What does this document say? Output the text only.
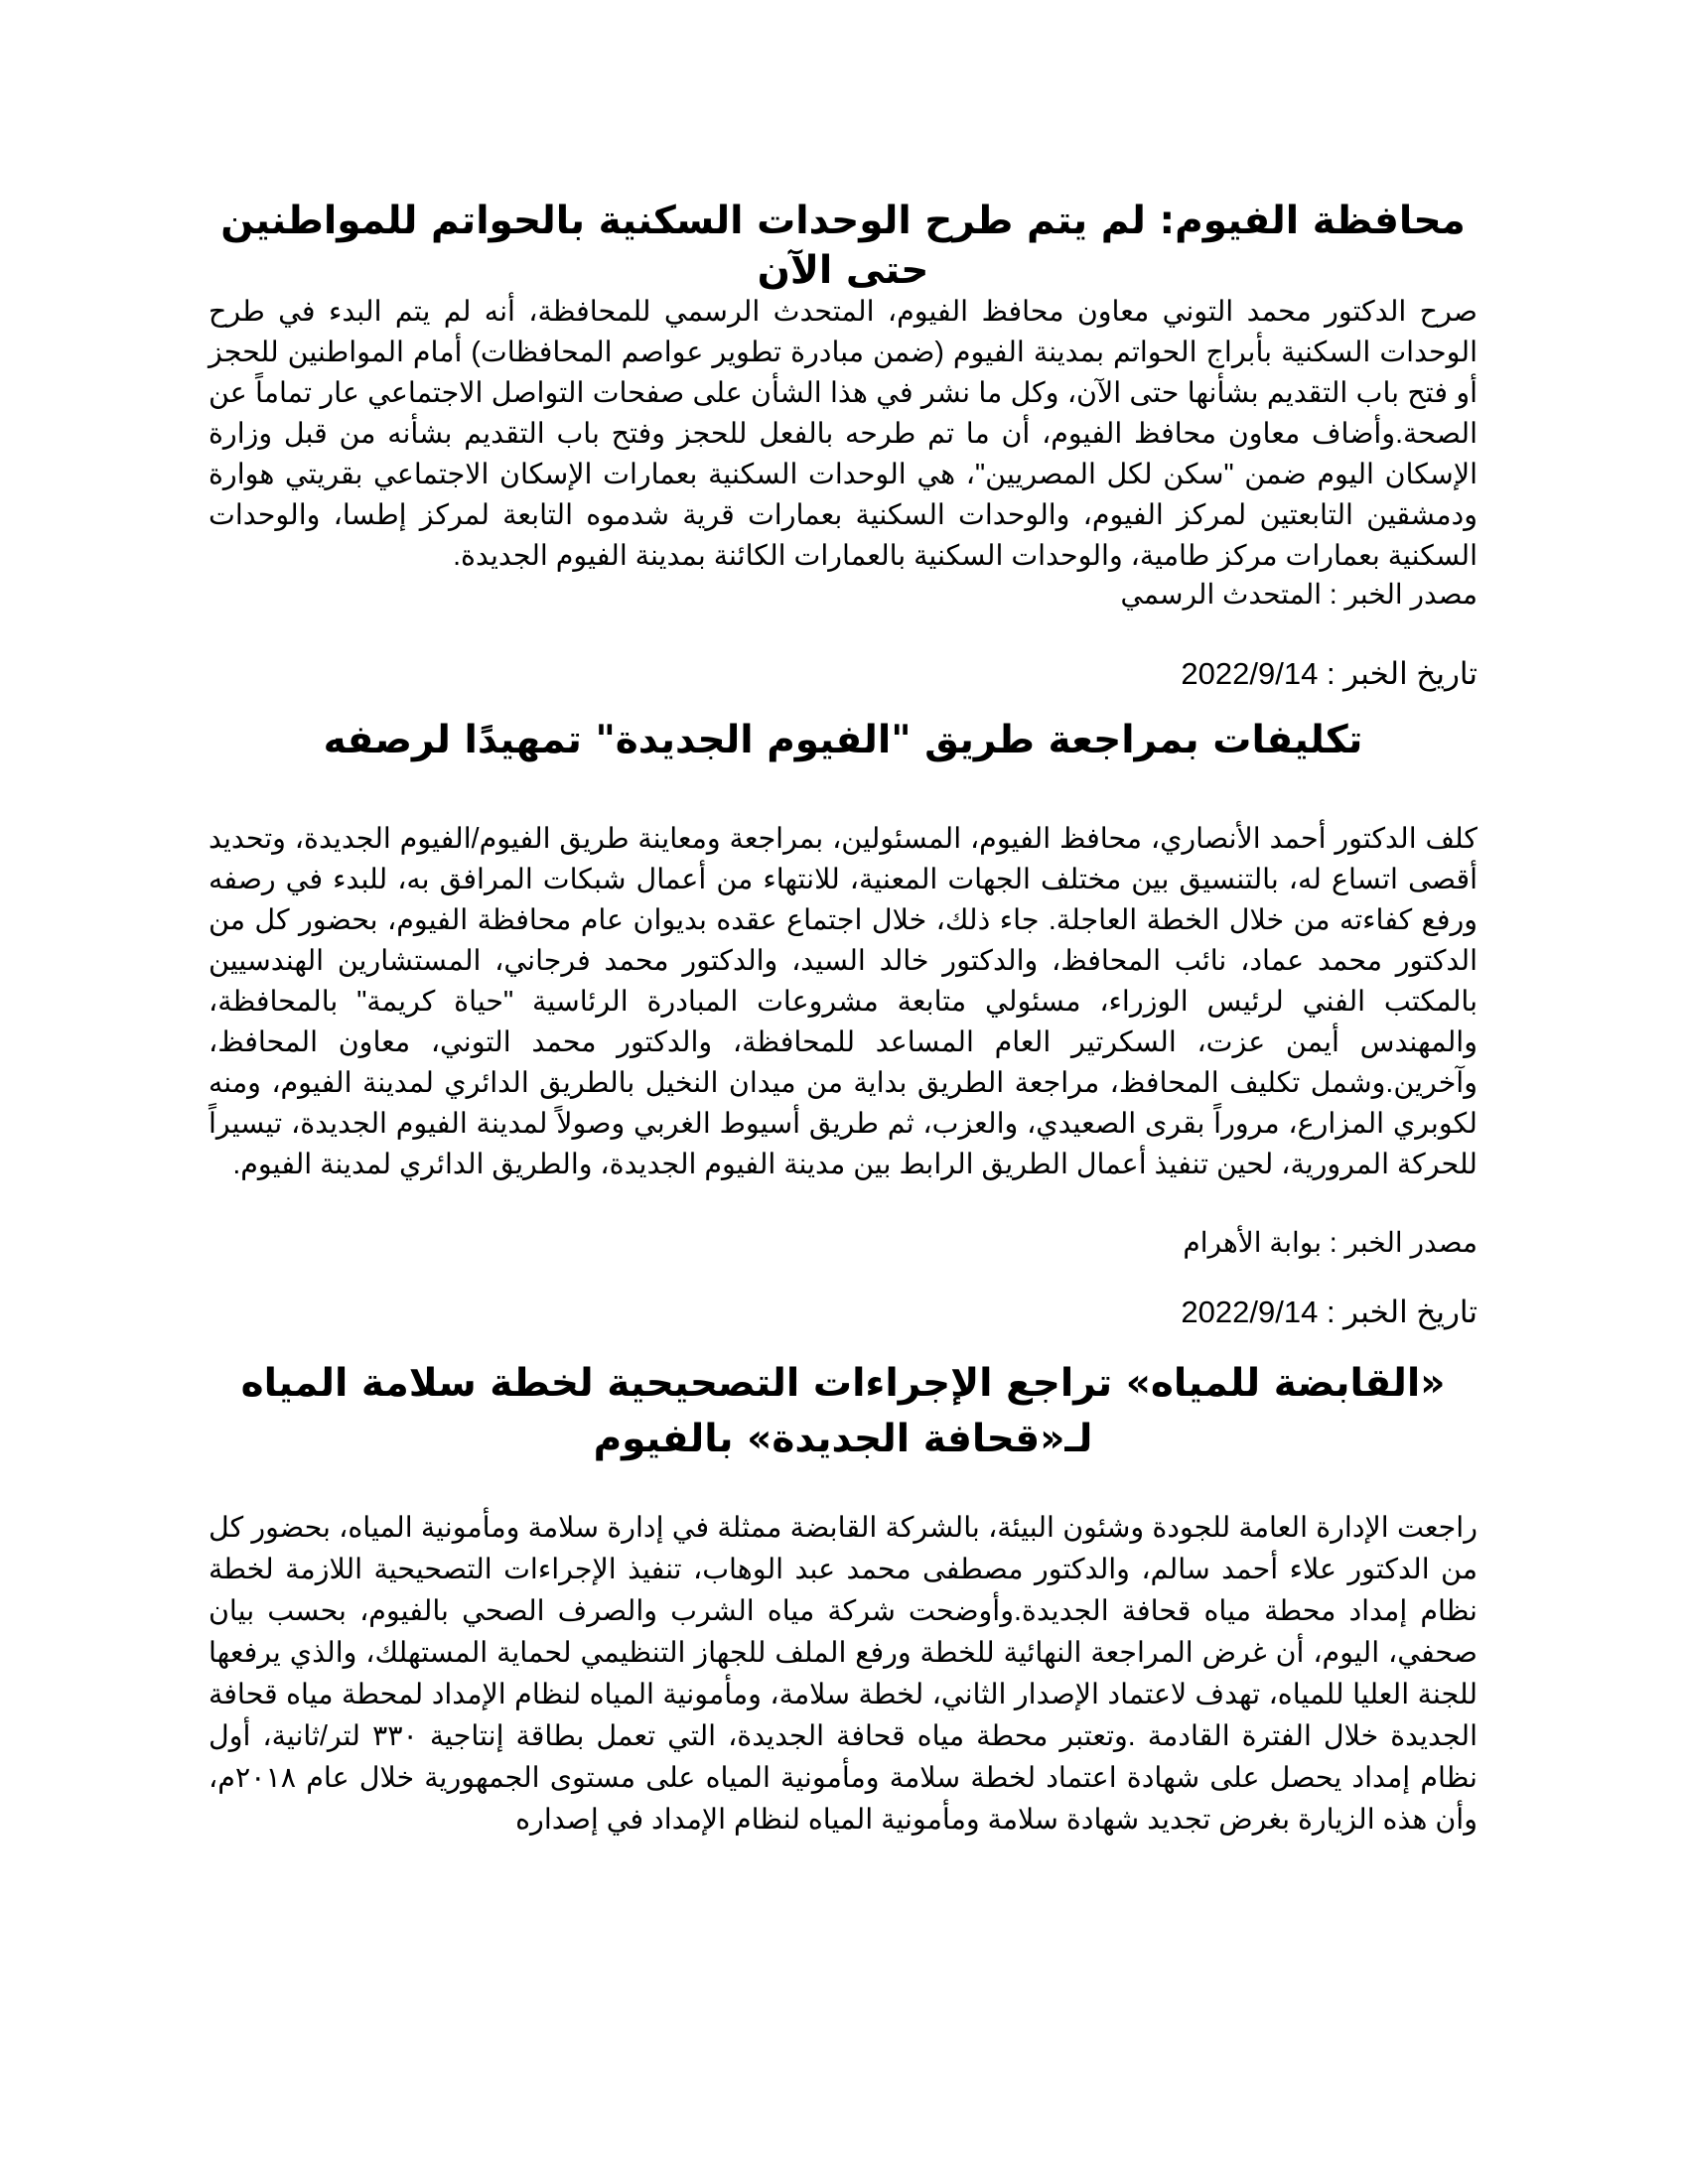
محافظة الفيوم: لم يتم طرح الوحدات السكنية بالحواتم للمواطنين حتى الآن

صرح الدكتور محمد التوني معاون محافظ الفيوم، المتحدث الرسمي للمحافظة، أنه لم يتم البدء في طرح الوحدات السكنية بأبراج الحواتم بمدينة الفيوم (ضمن مبادرة تطوير عواصم المحافظات) أمام المواطنين للحجز أو فتح باب التقديم بشأنها حتى الآن، وكل ما نشر في هذا الشأن على صفحات التواصل الاجتماعي عار تماماً عن الصحة.وأضاف معاون محافظ الفيوم، أن ما تم طرحه بالفعل للحجز وفتح باب التقديم بشأنه من قبل وزارة الإسكان اليوم ضمن "سكن لكل المصريين"، هي الوحدات السكنية بعمارات الإسكان الاجتماعي بقريتي هوارة ودمشقين التابعتين لمركز الفيوم، والوحدات السكنية بعمارات قرية شدموه التابعة لمركز إطسا، والوحدات السكنية بعمارات مركز طامية، والوحدات السكنية بالعمارات الكائنة بمدينة الفيوم الجديدة.

مصدر الخبر : المتحدث الرسمي

تاريخ الخبر : 2022/9/14

تكليفات بمراجعة طريق "الفيوم الجديدة" تمهيدًا لرصفه

كلف الدكتور أحمد الأنصاري، محافظ الفيوم، المسئولين، بمراجعة ومعاينة طريق الفيوم/الفيوم الجديدة، وتحديد أقصى اتساع له، بالتنسيق بين مختلف الجهات المعنية، للانتهاء من أعمال شبكات المرافق به، للبدء في رصفه ورفع كفاءته من خلال الخطة العاجلة. جاء ذلك، خلال اجتماع عقده بديوان عام محافظة الفيوم، بحضور كل من الدكتور محمد عماد، نائب المحافظ، والدكتور خالد السيد، والدكتور محمد فرجاني، المستشارين الهندسيين بالمكتب الفني لرئيس الوزراء، مسئولي متابعة مشروعات المبادرة الرئاسية "حياة كريمة" بالمحافظة، والمهندس أيمن عزت، السكرتير العام المساعد للمحافظة، والدكتور محمد التوني، معاون المحافظ، وآخرين.وشمل تكليف المحافظ، مراجعة الطريق بداية من ميدان النخيل بالطريق الدائري لمدينة الفيوم، ومنه لكوبري المزارع، مروراً بقرى الصعيدي، والعزب، ثم طريق أسيوط الغربي وصولاً لمدينة الفيوم الجديدة، تيسيراً للحركة المرورية، لحين تنفيذ أعمال الطريق الرابط بين مدينة الفيوم الجديدة، والطريق الدائري لمدينة الفيوم.

مصدر الخبر : بوابة الأهرام

تاريخ الخبر : 2022/9/14

«القابضة للمياه» تراجع الإجراءات التصحيحية لخطة سلامة المياه لـ«قحافة الجديدة» بالفيوم

راجعت الإدارة العامة للجودة وشئون البيئة، بالشركة القابضة ممثلة في إدارة سلامة ومأمونية المياه، بحضور كل من الدكتور علاء أحمد سالم، والدكتور مصطفى محمد عبد الوهاب، تنفيذ الإجراءات التصحيحية اللازمة لخطة نظام إمداد محطة مياه قحافة الجديدة.وأوضحت شركة مياه الشرب والصرف الصحي بالفيوم، بحسب بيان صحفي، اليوم، أن غرض المراجعة النهائية للخطة ورفع الملف للجهاز التنظيمي لحماية المستهلك، والذي يرفعها للجنة العليا للمياه، تهدف لاعتماد الإصدار الثاني، لخطة سلامة، ومأمونية المياه لنظام الإمداد لمحطة مياه قحافة الجديدة خلال الفترة القادمة .وتعتبر محطة مياه قحافة الجديدة، التي تعمل بطاقة إنتاجية ٣٣٠ لتر/ثانية، أول نظام إمداد يحصل على شهادة اعتماد لخطة سلامة ومأمونية المياه على مستوى الجمهورية خلال عام ٢٠١٨م، وأن هذه الزيارة بغرض تجديد شهادة سلامة ومأمونية المياه لنظام الإمداد في إصداره
